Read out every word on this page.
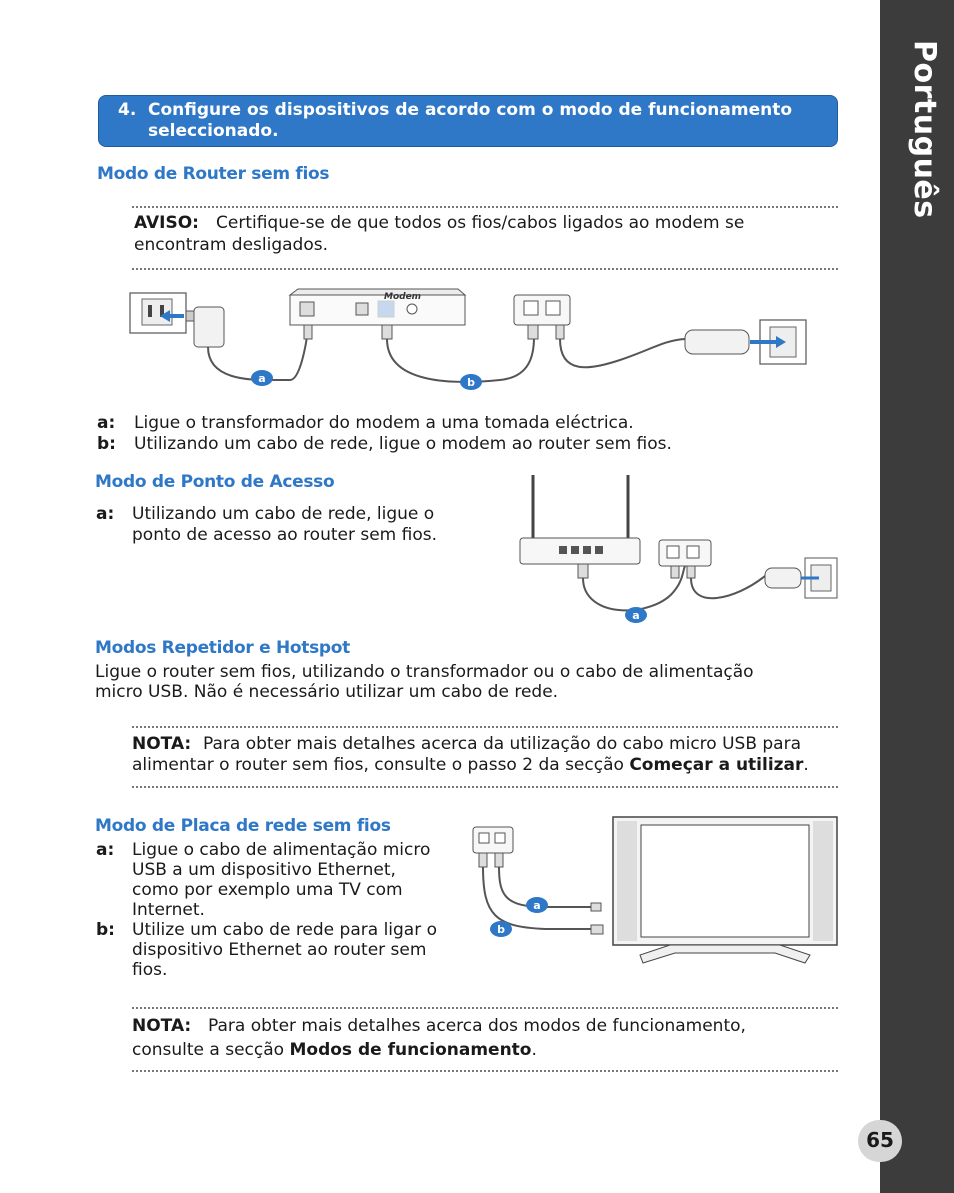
Português
65
4. Configure os dispositivos de acordo com o modo de funcionamento seleccionado.
Modo de Router sem fios
AVISO: Certifique-se de que todos os fios/cabos ligados ao modem se
encontram desligados.
Modem
a	b
a: Ligue o transformador do modem a uma tomada eléctrica.
b: Utilizando um cabo de rede, ligue o modem ao router sem fios.
Modo de Ponto de Acesso
a: Utilizando um cabo de rede, ligue o
ponto de acesso ao router sem fios.
a
Modos Repetidor e Hotspot
Ligue o router sem fios, utilizando o transformador ou o cabo de alimentação
micro USB. Não é necessário utilizar um cabo de rede.
NOTA: Para obter mais detalhes acerca da utilização do cabo micro USB para
alimentar o router sem fios, consulte o passo 2 da secção Começar a utilizar.
Modo de Placa de rede sem fios
a: Ligue o cabo de alimentação micro
USB a um dispositivo Ethernet,
como por exemplo uma TV com
Internet.
b: Utilize um cabo de rede para ligar o
dispositivo Ethernet ao router sem
fios.
a
b
NOTA: Para obter mais detalhes acerca dos modos de funcionamento,
consulte a secção Modos de funcionamento.
